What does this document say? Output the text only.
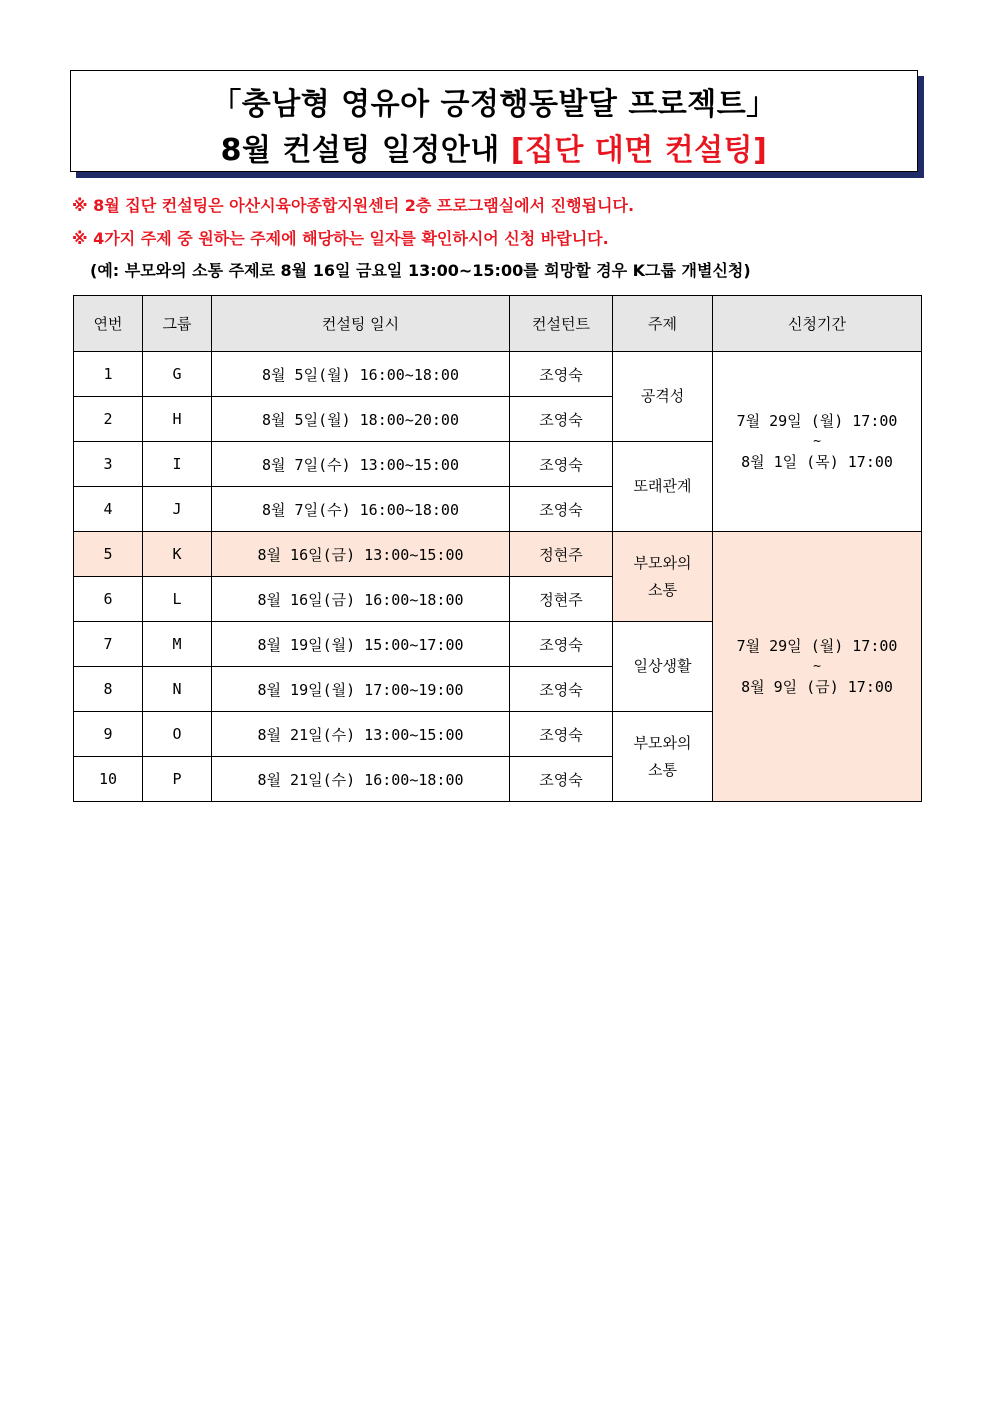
「충남형 영유아 긍정행동발달 프로젝트」
8월 컨설팅 일정안내 [집단 대면 컨설팅]
※ 8월 집단 컨설팅은 아산시육아종합지원센터 2층 프로그램실에서 진행됩니다.
※ 4가지 주제 중 원하는 주제에 해당하는 일자를 확인하시어 신청 바랍니다.
(예: 부모와의 소통 주제로 8월 16일 금요일 13:00~15:00를 희망할 경우 K그룹 개별신청)
연번	그룹	컨설팅 일시	컨설턴트	주제	신청기간
1	G	8월 5일(월) 16:00~18:00	조영숙	공격성	7월 29일 (월) 17:00
~
8월 1일 (목) 17:00

2	H	8월 5일(월) 18:00~20:00	조영숙		
3	I	8월 7일(수) 13:00~15:00	조영숙	또래관계	

4	J	8월 7일(수) 16:00~18:00	조영숙		
5	K	8월 16일(금) 13:00~15:00	정현주	부모와의
소통	7월 29일 (월) 17:00
~
8월 9일 (금) 17:00

6	L	8월 16일(금) 16:00~18:00	정현주		
7	M	8월 19일(월) 15:00~17:00	조영숙	일상생활	

8	N	8월 19일(월) 17:00~19:00	조영숙		
9	O	8월 21일(수) 13:00~15:00	조영숙	부모와의
소통	

10	P	8월 21일(수) 16:00~18:00	조영숙		
